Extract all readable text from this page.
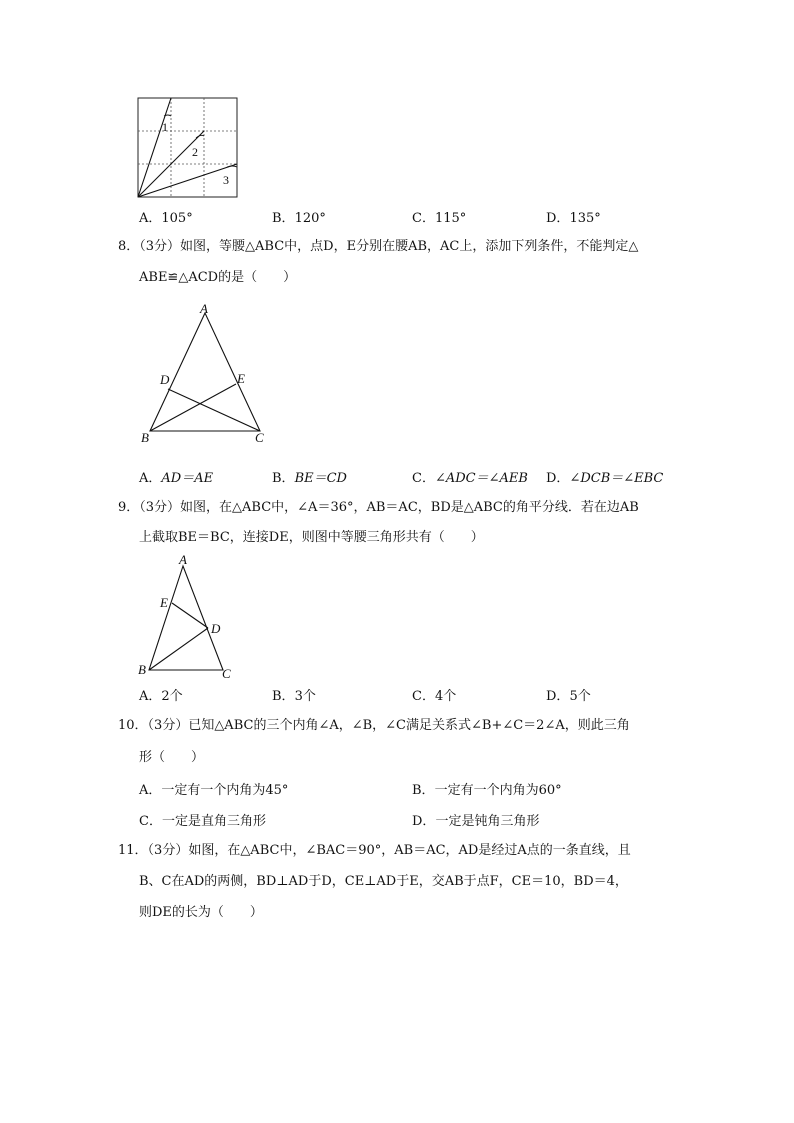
1
2
3
A．105°	B．120°	C．115°	D．135°
8．（3分）如图，等腰△ABC中，点D，E分别在腰AB，AC上，添加下列条件，不能判定△
ABE≌△ACD的是（　　）
A
D	E
B	C
A．AD＝AE	B．BE＝CD	C．∠ADC＝∠AEB D．∠DCB＝∠EBC
9．（3分）如图，在△ABC中，∠A＝36°，AB＝AC，BD是△ABC的角平分线．若在边AB
上截取BE＝BC，连接DE，则图中等腰三角形共有（　　）
A
E
D
B	C
A．2个	B．3个	C．4个	D．5个
10．（3分）已知△ABC的三个内角∠A，∠B，∠C满足关系式∠B+∠C＝2∠A，则此三角
形（　　）
A．一定有一个内角为45°	B．一定有一个内角为60°
C．一定是直角三角形	D．一定是钝角三角形
11．（3分）如图，在△ABC中，∠BAC＝90°，AB＝AC，AD是经过A点的一条直线，且
B、C在AD的两侧，BD⊥AD于D，CE⊥AD于E，交AB于点F，CE＝10，BD＝4，
则DE的长为（　　）
